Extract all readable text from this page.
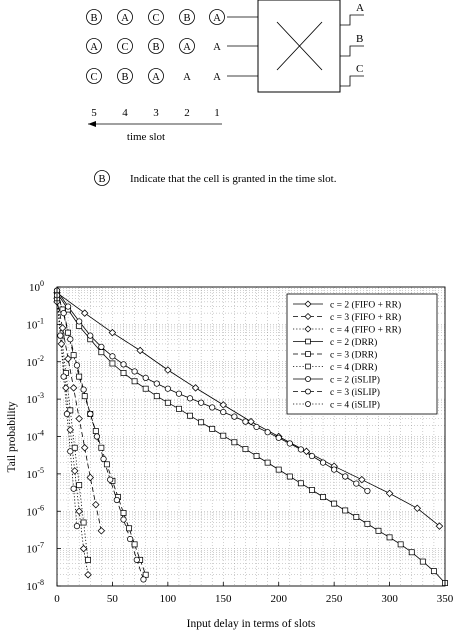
B A C B A
A C B A A
C B A A A
A
B
C
5 4 3 2 1
time slot
B Indicate that the cell is granted in the time slot.
0	50	100	150	200	250	300	350
$10^{-8}$
$10^{-7}$
$10^{-6}$
$10^{-5}$
$10^{-4}$
$10^{-3}$
$10^{-2}$
$10^{-1}$
$10^0$
Input delay in terms of slots
Tail probability
c = 2 (FIFO + RR)
c = 3 (FIFO + RR)
c = 4 (FIFO + RR)
c = 2 (DRR)
c = 3 (DRR)
c = 4 (DRR)
c = 2 (iSLIP)
c = 3 (iSLIP)
c = 4 (iSLIP)
